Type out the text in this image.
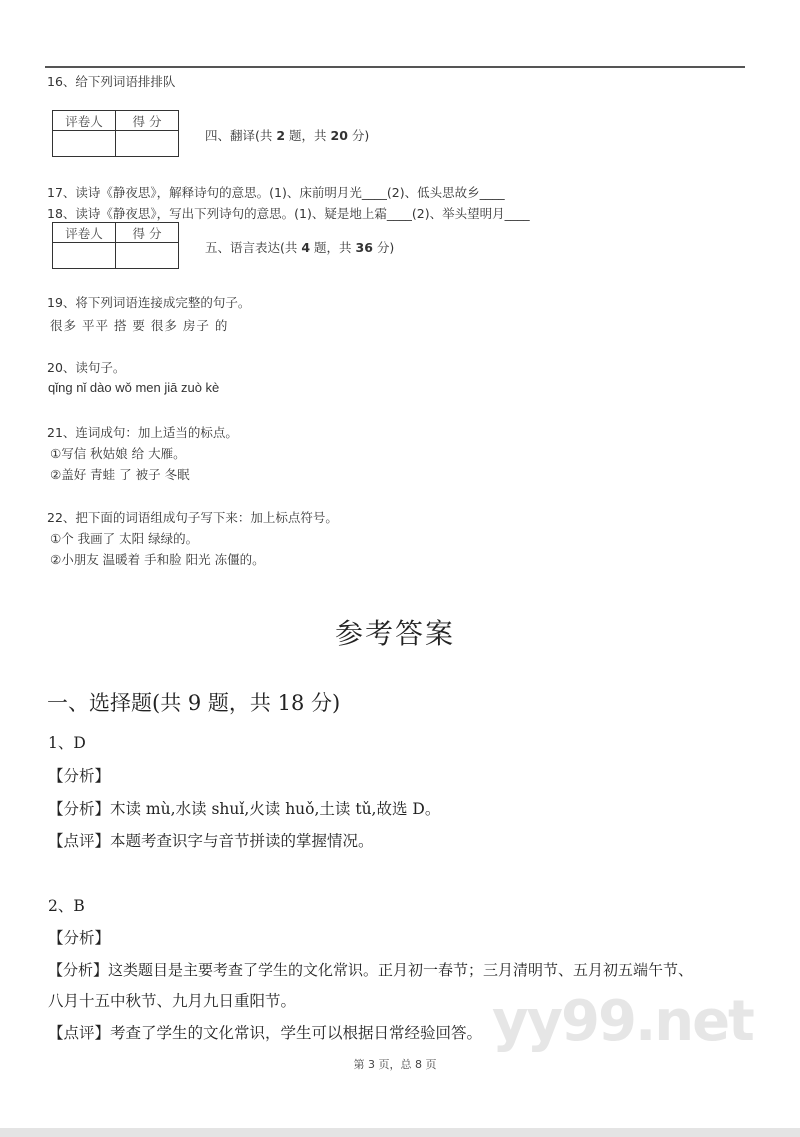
16、给下列词语排排队
评卷人	得 分

四、翻译(共 2 题，共 20 分)
17、读诗《静夜思》，解释诗句的意思。(1)、床前明月光____(2)、低头思故乡____
18、读诗《静夜思》，写出下列诗句的意思。(1)、疑是地上霜____(2)、举头望明月____
评卷人	得 分

五、语言表达(共 4 题，共 36 分)
19、将下列词语连接成完整的句子。
很多 平平 搭 要 很多 房子 的
20、读句子。
qǐng nǐ dào wǒ men jiā zuò kè
21、连词成句：加上适当的标点。
①写信 秋姑娘 给 大雁。
②盖好 青蛙 了 被子 冬眠
22、把下面的词语组成句子写下来：加上标点符号。
①个 我画了 太阳 绿绿的。
②小朋友 温暖着 手和脸 阳光 冻僵的。
参考答案
一、选择题(共 9 题，共 18 分)
1、D
【分析】
【分析】木读 mù,水读 shuǐ,火读 huǒ,土读 tǔ,故选 D。
【点评】本题考查识字与音节拼读的掌握情况。
2、B
【分析】
【分析】这类题目是主要考查了学生的文化常识。正月初一春节；三月清明节、五月初五端午节、
八月十五中秋节、九月九日重阳节。	yy99.net
【点评】考查了学生的文化常识，学生可以根据日常经验回答。
第 3 页，总 8 页
